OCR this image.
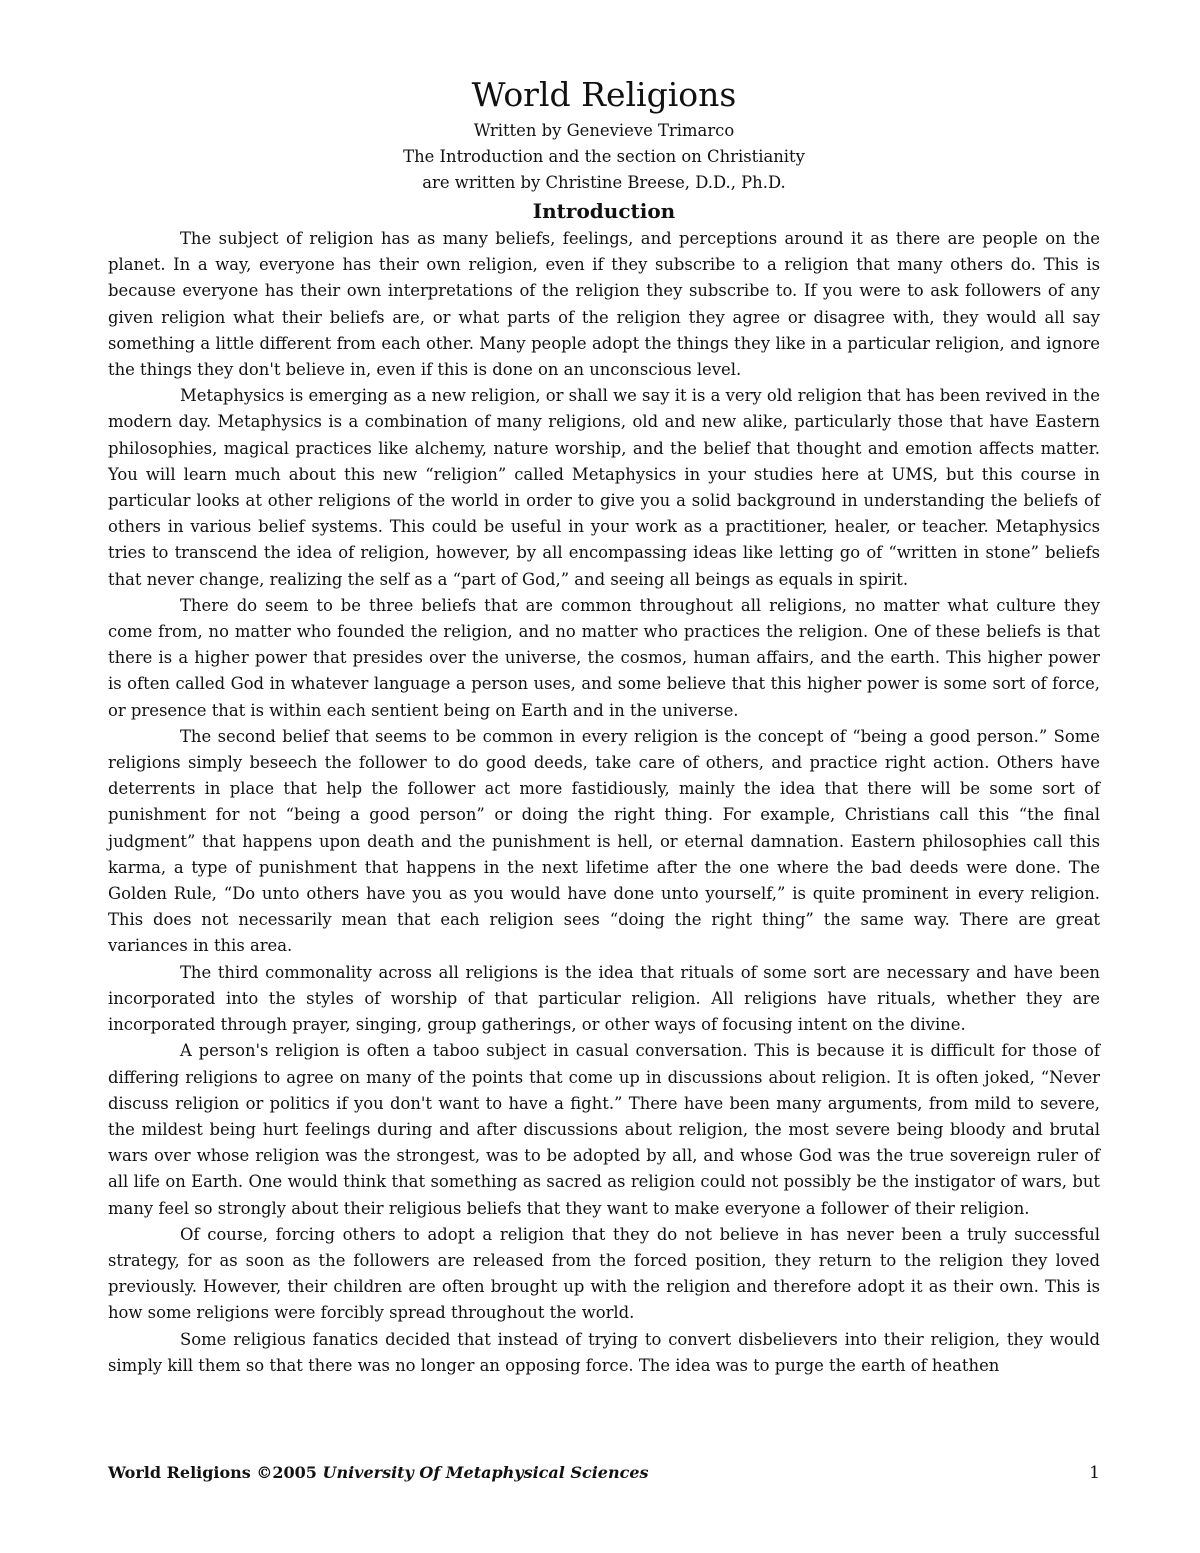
World Religions

Written by Genevieve Trimarco

The Introduction and the section on Christianity

are written by Christine Breese, D.D., Ph.D.

Introduction

The subject of religion has as many beliefs, feelings, and perceptions around it as there are people on the planet. In a way, everyone has their own religion, even if they subscribe to a religion that many others do. This is because everyone has their own interpretations of the religion they subscribe to. If you were to ask followers of any given religion what their beliefs are, or what parts of the religion they agree or disagree with, they would all say something a little different from each other. Many people adopt the things they like in a particular religion, and ignore the things they don't believe in, even if this is done on an unconscious level.

Metaphysics is emerging as a new religion, or shall we say it is a very old religion that has been revived in the modern day. Metaphysics is a combination of many religions, old and new alike, particularly those that have Eastern philosophies, magical practices like alchemy, nature worship, and the belief that thought and emotion affects matter. You will learn much about this new “religion” called Metaphysics in your studies here at UMS, but this course in particular looks at other religions of the world in order to give you a solid background in understanding the beliefs of others in various belief systems. This could be useful in your work as a practitioner, healer, or teacher. Metaphysics tries to transcend the idea of religion, however, by all encompassing ideas like letting go of “written in stone” beliefs that never change, realizing the self as a “part of God,” and seeing all beings as equals in spirit.

There do seem to be three beliefs that are common throughout all religions, no matter what culture they come from, no matter who founded the religion, and no matter who practices the religion. One of these beliefs is that there is a higher power that presides over the universe, the cosmos, human affairs, and the earth. This higher power is often called God in whatever language a person uses, and some believe that this higher power is some sort of force, or presence that is within each sentient being on Earth and in the universe.

The second belief that seems to be common in every religion is the concept of “being a good person.” Some religions simply beseech the follower to do good deeds, take care of others, and practice right action. Others have deterrents in place that help the follower act more fastidiously, mainly the idea that there will be some sort of punishment for not “being a good person” or doing the right thing. For example, Christians call this “the final judgment” that happens upon death and the punishment is hell, or eternal damnation. Eastern philosophies call this karma, a type of punishment that happens in the next lifetime after the one where the bad deeds were done. The Golden Rule, “Do unto others have you as you would have done unto yourself,” is quite prominent in every religion. This does not necessarily mean that each religion sees “doing the right thing” the same way. There are great variances in this area.

The third commonality across all religions is the idea that rituals of some sort are necessary and have been incorporated into the styles of worship of that particular religion. All religions have rituals, whether they are incorporated through prayer, singing, group gatherings, or other ways of focusing intent on the divine.

A person's religion is often a taboo subject in casual conversation. This is because it is difficult for those of differing religions to agree on many of the points that come up in discussions about religion. It is often joked, “Never discuss religion or politics if you don't want to have a fight.” There have been many arguments, from mild to severe, the mildest being hurt feelings during and after discussions about religion, the most severe being bloody and brutal wars over whose religion was the strongest, was to be adopted by all, and whose God was the true sovereign ruler of all life on Earth. One would think that something as sacred as religion could not possibly be the instigator of wars, but many feel so strongly about their religious beliefs that they want to make everyone a follower of their religion.

Of course, forcing others to adopt a religion that they do not believe in has never been a truly successful strategy, for as soon as the followers are released from the forced position, they return to the religion they loved previously. However, their children are often brought up with the religion and therefore adopt it as their own. This is how some religions were forcibly spread throughout the world.

Some religious fanatics decided that instead of trying to convert disbelievers into their religion, they would simply kill them so that there was no longer an opposing force. The idea was to purge the earth of heathen

World Religions ©2005 University Of Metaphysical Sciences	1
